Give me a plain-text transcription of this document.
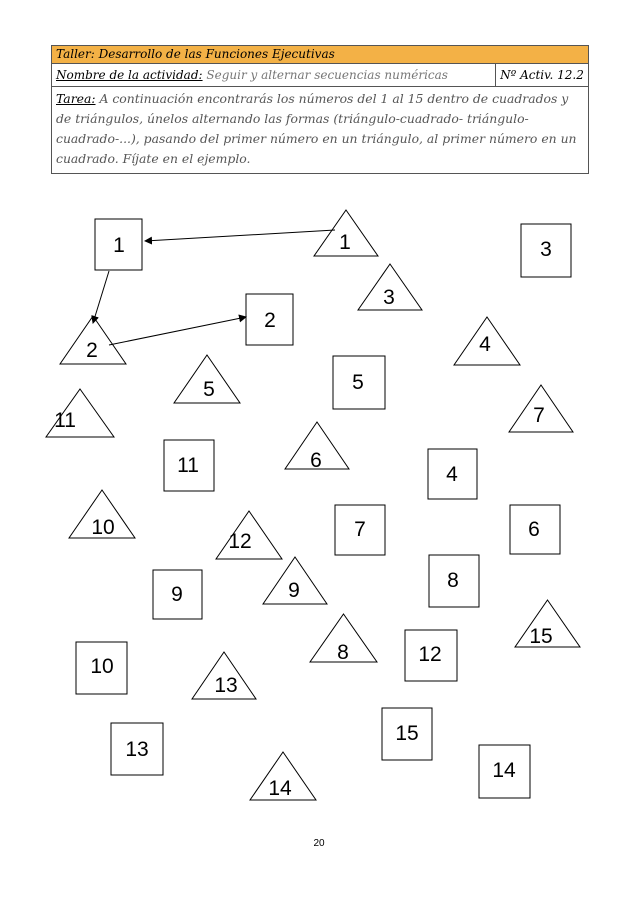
Taller: Desarrollo de las Funciones Ejecutivas
Nombre de la actividad: Seguir y alternar secuencias numéricas	Nº Activ. 12.2
Tarea: A continuación encontrarás los números del 1 al 15 dentro de cuadrados y de triángulos, únelos alternando las formas (triángulo-cuadrado- triángulo-cuadrado-...), pasando del primer número en un triángulo, al primer número en un cuadrado. Fíjate en el ejemplo.
1
2
3
5
11	4
7	6
9
8
10
12
15
13
14
1
3
2	4
5
11	7
6
10
12
9
15
8
13
14
20
